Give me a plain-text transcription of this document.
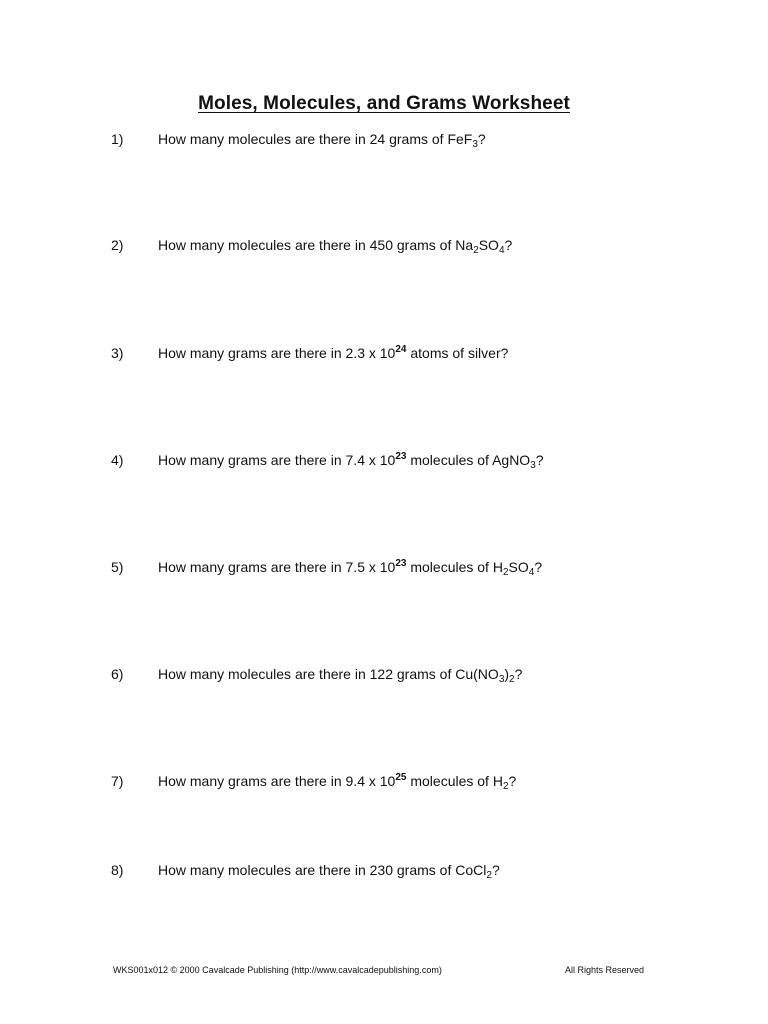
Moles, Molecules, and Grams Worksheet
1)	How many molecules are there in 24 grams of FeF$_3$?
2)	How many molecules are there in 450 grams of $Na_2SO_4$?
3)	How many grams are there in 2.3 x $10^{24}$ atoms of silver?
4)	How many grams are there in 7.4 x $10^{23}$ molecules of AgNO$_3$?
5)	How many grams are there in 7.5 x $10^{23}$ molecules of $H_2SO_4$?
6)	How many molecules are there in 122 grams of $Cu(NO_3)_2$?
7)	How many grams are there in 9.4 x $10^{25}$ molecules of $H_2$?
8)	How many molecules are there in 230 grams of CoCl$_2$?
WKS001x012 © 2000 Cavalcade Publishing (http://www.cavalcadepublishing.com)	All Rights Reserved
